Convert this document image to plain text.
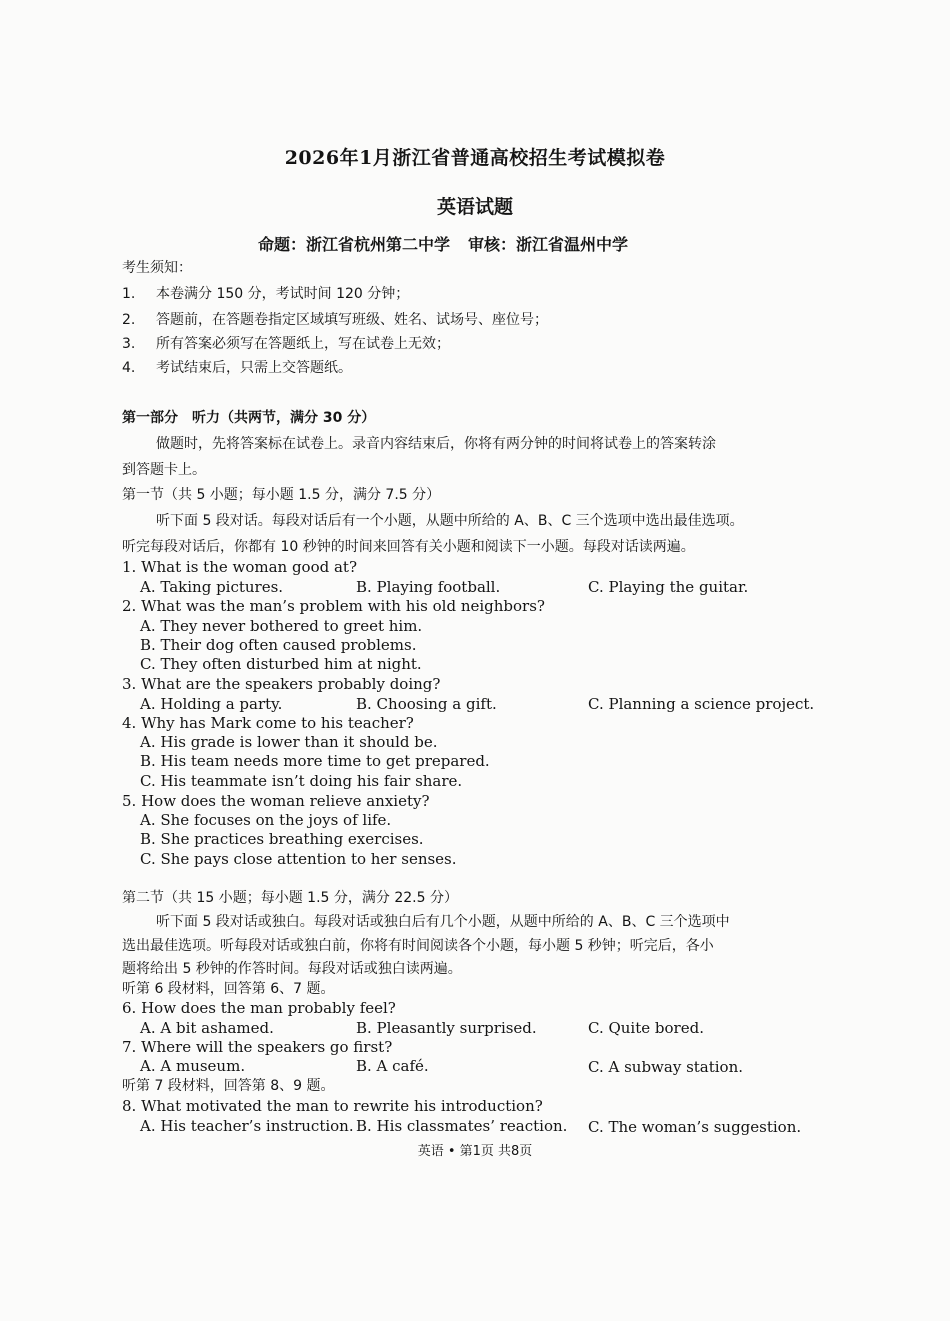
2026年1月浙江省普通高校招生考试模拟卷
英语试题
命题：浙江省杭州第二中学 审核：浙江省温州中学
考生须知：
1. 本卷满分 150 分，考试时间 120 分钟；
2. 答题前，在答题卷指定区域填写班级、姓名、试场号、座位号；
3. 所有答案必须写在答题纸上，写在试卷上无效；
4. 考试结束后，只需上交答题纸。
第一部分　听力（共两节，满分 30 分）
做题时，先将答案标在试卷上。录音内容结束后，你将有两分钟的时间将试卷上的答案转涂
到答题卡上。
第一节（共 5 小题；每小题 1.5 分，满分 7.5 分）
听下面 5 段对话。每段对话后有一个小题，从题中所给的 A、B、C 三个选项中选出最佳选项。
听完每段对话后，你都有 10 秒钟的时间来回答有关小题和阅读下一小题。每段对话读两遍。
1. What is the woman good at?
A. Taking pictures.	B. Playing football.	C. Playing the guitar.
2. What was the man’s problem with his old neighbors?
A. They never bothered to greet him.
B. Their dog often caused problems.
C. They often disturbed him at night.
3. What are the speakers probably doing?
A. Holding a party.	B. Choosing a gift.	C. Planning a science project.
4. Why has Mark come to his teacher?
A. His grade is lower than it should be.
B. His team needs more time to get prepared.
C. His teammate isn’t doing his fair share.
5. How does the woman relieve anxiety?
A. She focuses on the joys of life.
B. She practices breathing exercises.
C. She pays close attention to her senses.
第二节（共 15 小题；每小题 1.5 分，满分 22.5 分）
听下面 5 段对话或独白。每段对话或独白后有几个小题，从题中所给的 A、B、C 三个选项中
选出最佳选项。听每段对话或独白前，你将有时间阅读各个小题，每小题 5 秒钟；听完后，各小
题将给出 5 秒钟的作答时间。每段对话或独白读两遍。
听第 6 段材料，回答第 6、7 题。
6. How does the man probably feel?
A. A bit ashamed.	B. Pleasantly surprised.	C. Quite bored.
7. Where will the speakers go first?
A. A museum.	B. A café.	C. A subway station.
听第 7 段材料，回答第 8、9 题。
8. What motivated the man to rewrite his introduction?
A. His teacher’s instruction. B. His classmates’ reaction. C. The woman’s suggestion.
英语 • 第1页 共8页
